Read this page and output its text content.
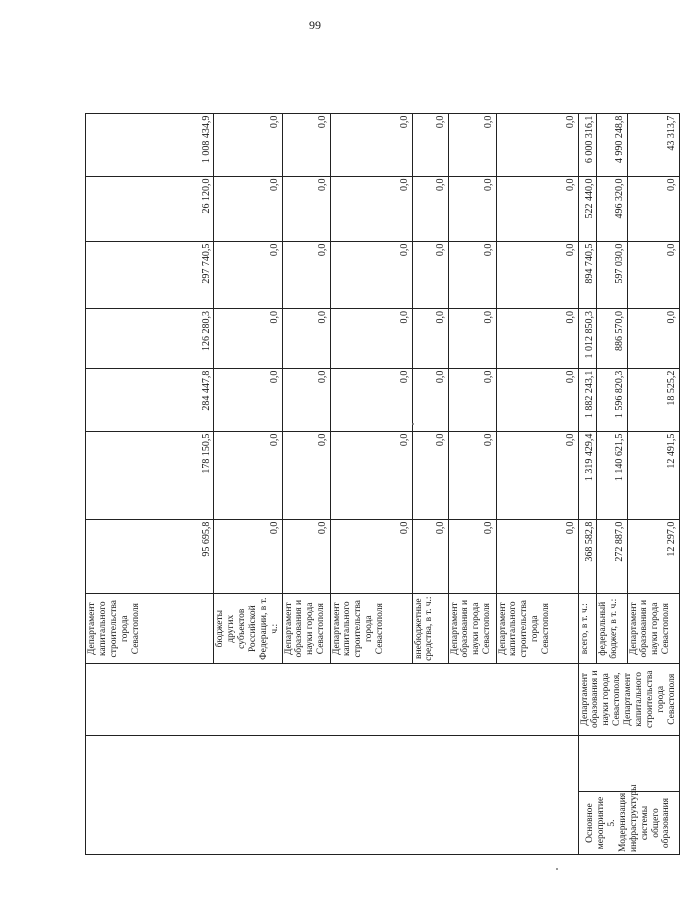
99
			Департамент капитального строительства города Севастополя	95 695,8	178 150,5	284 447,8	126 280,3	297 740,5	26 120,0	1 008 434,9
			бюджеты других субъектов Российской Федерации, в т. ч.:	0,0	0,0	0,0	0,0	0,0	0,0	0,0
			Департамент образования и науки города Севастополя	0,0	0,0	0,0	0,0	0,0	0,0	0,0
			Департамент капитального строительства города Севастополя	0,0	0,0	0,0	0,0	0,0	0,0	0,0
			внебюджетные средства, в т. ч.:	0,0	0,0	0,0	0,0	0,0	0,0	0,0
			Департамент образования и науки города Севастополя	0,0	0,0	0,0	0,0	0,0	0,0	0,0
			Департамент капитального строительства города Севастополя	0,0	0,0	0,0	0,0	0,0	0,0	0,0
Основное мероприятие 5. Модернизация инфраструктуры системы общего образования		Департамент образования и науки города Севастополя, Департамент капитального строительства города Севастополя	всего, в т. ч.:	368 582,8	1 319 429,4	1 882 243,1	1 012 850,3	894 740,5	522 440,0	6 000 316,1
			федеральный бюджет, в т. ч.:	272 887,0	1 140 621,5	1 596 820,3	886 570,0	597 030,0	496 320,0	4 990 248,8
			Департамент образования и науки города Севастополя	12 297,0	12 491,5	18 525,2	0,0	0,0	0,0	43 313,7
